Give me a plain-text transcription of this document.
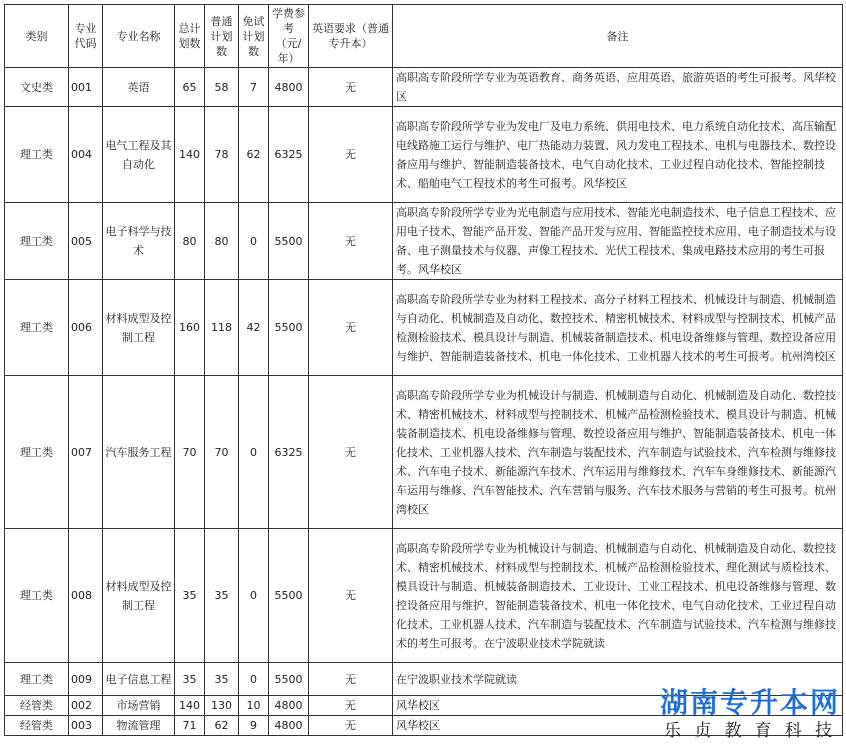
类别	专业代码	专业名称	总计划数	普通计划数	免试计划数	学费参考（元/年）	英语要求（普通专升本）	备注
文史类	001	英语	65	58	7	4800	无	高职高专阶段所学专业为英语教育、商务英语、应用英语、旅游英语的考生可报考。风华校区
理工类	004	电气工程及其自动化	140	78	62	6325	无	高职高专阶段所学专业为发电厂及电力系统、供用电技术、电力系统自动化技术、高压输配电线路施工运行与维护、电厂热能动力装置、风力发电工程技术、电机与电器技术、数控设备应用与维护、智能制造装备技术、电气自动化技术、工业过程自动化技术、智能控制技术、船舶电气工程技术的考生可报考。风华校区
理工类	005	电子科学与技术	80	80	0	5500	无	高职高专阶段所学专业为光电制造与应用技术、智能光电制造技术、电子信息工程技术、应用电子技术、智能产品开发、智能产品开发与应用、智能监控技术应用、电子制造技术与设备、电子测量技术与仪器、声像工程技术、光伏工程技术、集成电路技术应用的考生可报考。风华校区
理工类	006	材料成型及控制工程	160	118	42	5500	无	高职高专阶段所学专业为材料工程技术、高分子材料工程技术、机械设计与制造、机械制造与自动化、机械制造及自动化、数控技术、精密机械技术、材料成型与控制技术、机械产品检测检验技术、模具设计与制造、机械装备制造技术、机电设备维修与管理、数控设备应用与维护、智能制造装备技术、机电一体化技术、工业机器人技术的考生可报考。杭州湾校区
理工类	007	汽车服务工程	70	70	0	6325	无	高职高专阶段所学专业为机械设计与制造、机械制造与自动化、机械制造及自动化、数控技术、精密机械技术、材料成型与控制技术、机械产品检测检验技术、模具设计与制造、机械装备制造技术、机电设备维修与管理、数控设备应用与维护、智能制造装备技术、机电一体化技术、工业机器人技术、汽车制造与装配技术、汽车制造与试验技术、汽车检测与维修技术、汽车电子技术、新能源汽车技术、汽车运用与维修技术、汽车车身维修技术、新能源汽车运用与维修、汽车智能技术、汽车营销与服务、汽车技术服务与营销的考生可报考。杭州湾校区
理工类	008	材料成型及控制工程	35	35	0	5500	无	高职高专阶段所学专业为机械设计与制造、机械制造与自动化、机械制造及自动化、数控技术、精密机械技术、材料成型与控制技术、机械产品检测检验技术、理化测试与质检技术、模具设计与制造、机械装备制造技术、工业设计、工业工程技术、机电设备维修与管理、数控设备应用与维护、智能制造装备技术、机电一体化技术、电气自动化技术、工业过程自动化技术、工业机器人技术、汽车制造与装配技术、汽车制造与试验技术、汽车检测与维修技术的考生可报考。在宁波职业技术学院就读
理工类	009	电子信息工程	35	35	0	5500	无	在宁波职业技术学院就读
经管类	002	市场营销	140	130	10	4800	无	风华校区
经管类	003	物流管理	71	62	9	4800	无	风华校区
湖南专升本网
乐 贞 教 育 科 技
